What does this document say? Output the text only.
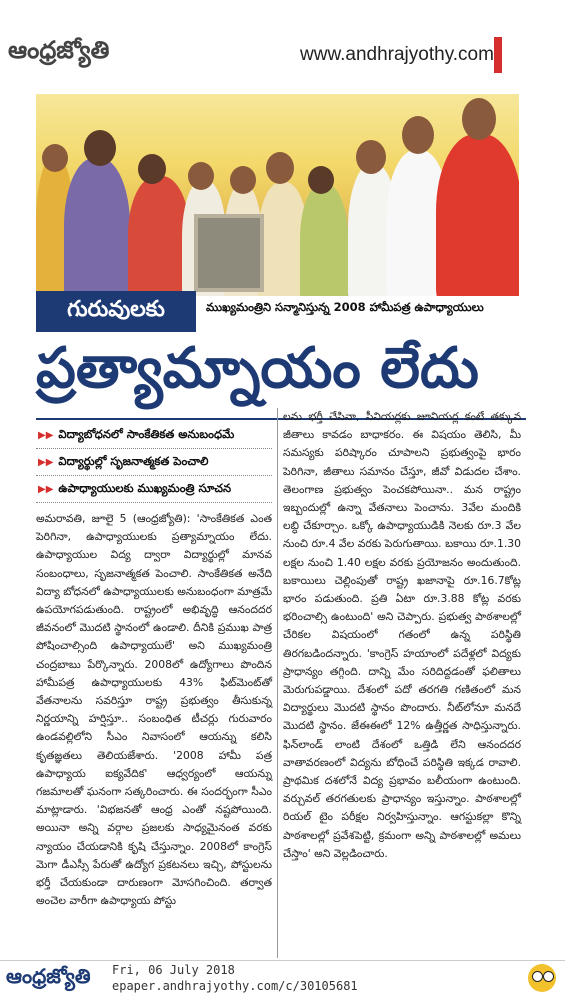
ఆంధ్రజ్యోతి	www.andhrajyothy.com
గురువులకు	ముఖ్యమంత్రిని సన్మానిస్తున్న 2008 హామీపత్ర ఉపాధ్యాయులు
ప్రత్యామ్నాయం లేదు
▶▶ విద్యాబోధనలో సాంకేతికత అనుబంధమే
▶▶ విద్యార్థుల్లో సృజనాత్మకత పెంచాలి
▶▶ ఉపాధ్యాయులకు ముఖ్యమంత్రి సూచన
అమరావతి, జూలై 5 (ఆంధ్రజ్యోతి): 'సాంకేతికత ఎంత పెరిగినా, ఉపాధ్యాయులకు ప్రత్యామ్నాయం లేదు. ఉపాధ్యాయుల విద్య ద్వారా విద్యార్థుల్లో మానవ సంబంధాలు, సృజనాత్మకత పెంచాలి. సాంకేతికత అనేది విద్యా బోధనలో ఉపాధ్యాయులకు అనుబంధంగా మాత్రమే ఉపయోగపడుతుంది. రాష్ట్రంలో అభివృద్ధి ఆనందదర జీవనంలో మొదటి స్థానంలో ఉండాలి. దీనికి ప్రముఖ పాత్ర పోషించాల్సింది ఉపాధ్యాయులే' అని ముఖ్యమంత్రి చంద్రబాబు పేర్కొన్నారు. 2008లో ఉద్యోగాలు పొందిన హామీపత్ర ఉపాధ్యాయులకు 43% ఫిట్‌మెంట్‌తో వేతనాలను సవరిస్తూ రాష్ట్ర ప్రభుత్వం తీసుకున్న నిర్ణయాన్ని హర్షిస్తూ.. సంబంధిత టీచర్లు గురువారం ఉండవల్లిలోని సీఎం నివాసంలో ఆయన్ను కలిసి కృతజ్ఞతలు తెలియజేశారు. '2008 హామీ పత్ర ఉపాధ్యాయ ఐక్యవేదిక' ఆధ్వర్యంలో ఆయన్ను గజమాలతో ఘనంగా సత్కరించారు. ఈ సందర్భంగా సీఎం మాట్లాడారు. 'విభజనతో ఆంధ్ర ఎంతో నష్టపోయింది. అయినా అన్ని వర్గాల ప్రజలకు సాధ్యమైనంత వరకు న్యాయం చేయడానికి కృషి చేస్తున్నాం. 2008లో కాంగ్రెస్ మెగా డీఎస్సీ పేరుతో ఉద్యోగ ప్రకటనలు ఇచ్చి, పోస్టులను భర్తీ చేయకుండా దారుణంగా మోసగించింది. తర్వాత అంచెల వారీగా ఉపాధ్యాయ పోస్టు
లను భర్తీ చేసినా, సీనియర్లకు జూనియర్ల కంటే తక్కువ జీతాలు కావడం బాధాకరం. ఈ విషయం తెలిసి, మీ సమస్యకు పరిష్కారం చూపాలని ప్రభుత్వంపై భారం పెరిగినా, జీతాలు సమానం చేస్తూ, జీవో విడుదల చేశాం. తెలంగాణ ప్రభుత్వం పెంచకపోయినా.. మన రాష్ట్రం ఇబ్బందుల్లో ఉన్నా వేతనాలు పెంచాను. 3వేల మందికి లబ్ధి చేకూర్చాం. ఒక్కో ఉపాధ్యాయుడికి నెలకు రూ.3 వేల నుంచి రూ.4 వేల వరకు పెరుగుతాయి. బకాయి రూ.1.30 లక్షల నుంచి 1.40 లక్షల వరకు ప్రయోజనం అందుతుంది. బకాయిలు చెల్లింపుతో రాష్ట్ర ఖజానాపై రూ.16.7కోట్ల భారం పడుతుంది. ప్రతి ఏటా రూ.3.88 కోట్ల వరకు భరించాల్సి ఉంటుంది' అని చెప్పారు. ప్రభుత్వ పాఠశాలల్లో చేరికల విషయంలో గతంలో ఉన్న పరిస్థితి తిరగబడిందన్నారు. 'కాంగ్రెస్ హయాంలో పదేళ్లలో విద్యకు ప్రాధాన్యం తగ్గింది. దాన్ని మేం సరిదిద్దడంతో ఫలితాలు మెరుగుపడ్డాయి. దేశంలో పదో తరగతి గణితంలో మన విద్యార్థులు మొదటి స్థానం పొందారు. నీట్‌లోనూ మనదే మొదటి స్థానం. జేఈఈలో 12% ఉత్తీర్ణత సాధిస్తున్నారు. ఫిన్‌లాండ్ లాంటి దేశంలో ఒత్తిడి లేని ఆనందదర వాతావరణంలో విద్యను బోధించే పరిస్థితి ఇక్కడ రావాలి. ప్రాథమిక దశలోనే విద్య ప్రభావం బలీయంగా ఉంటుంది. వర్చువల్ తరగతులకు ప్రాధాన్యం ఇస్తున్నాం. పాఠశాలల్లో రియల్ టైం పరీక్షల నిర్వహిస్తున్నాం. ఆగస్టుకల్లా కొన్ని పాఠశాలల్లో ప్రవేశపెట్టి, క్రమంగా అన్ని పాఠశాలల్లో అమలు చేస్తాం' అని వెల్లడించారు.
ఆంధ్రజ్యోతి Fri, 06 July 2018
epaper.andhrajyothy.com/c/30105681
